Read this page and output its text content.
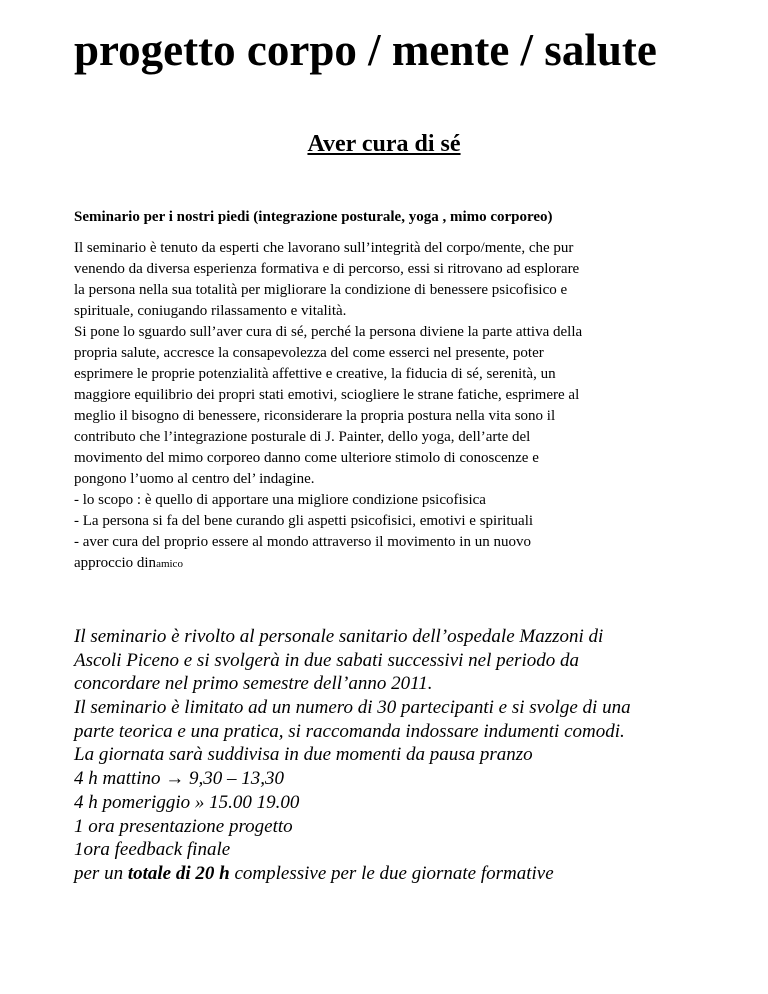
progetto corpo / mente / salute
Aver cura di sé

Seminario per i nostri piedi (integrazione posturale, yoga , mimo corporeo)

Il seminario è tenuto da esperti che lavorano sull’integrità del corpo/mente, che pur
venendo da diversa esperienza formativa e di percorso, essi si ritrovano ad esplorare
la persona nella sua totalità per migliorare la condizione di benessere psicofisico e
spirituale, coniugando rilassamento e vitalità.
Si pone lo sguardo sull’aver cura di sé, perché la persona diviene la parte attiva della
propria salute, accresce la consapevolezza del come esserci nel presente, poter
esprimere le proprie potenzialità affettive e creative, la fiducia di sé, serenità, un
maggiore equilibrio dei propri stati emotivi, sciogliere le strane fatiche, esprimere al
meglio il bisogno di benessere, riconsiderare la propria postura nella vita sono il
contributo che l’integrazione posturale di J. Painter, dello yoga, dell’arte del
movimento del mimo corporeo danno come ulteriore stimolo di conoscenze e
pongono l’uomo al centro del’ indagine.
- lo scopo : è quello di apportare una migliore condizione psicofisica
- La persona si fa del bene curando gli aspetti psicofisici, emotivi e spirituali
- aver cura del proprio essere al mondo attraverso il movimento in un nuovo
approccio dinamico
Il seminario è rivolto al personale sanitario dell’ospedale Mazzoni di
Ascoli Piceno e si svolgerà in due sabati successivi nel periodo da
concordare nel primo semestre dell’anno 2011.
Il seminario è limitato ad un numero di 30 partecipanti e si svolge di una
parte teorica e una pratica, si raccomanda indossare indumenti comodi.
La giornata sarà suddivisa in due momenti da pausa pranzo
4 h mattino → 9,30 – 13,30
4 h pomeriggio » 15.00 19.00
1 ora presentazione progetto
1ora feedback finale
per un totale di 20 h complessive per le due giornate formative
